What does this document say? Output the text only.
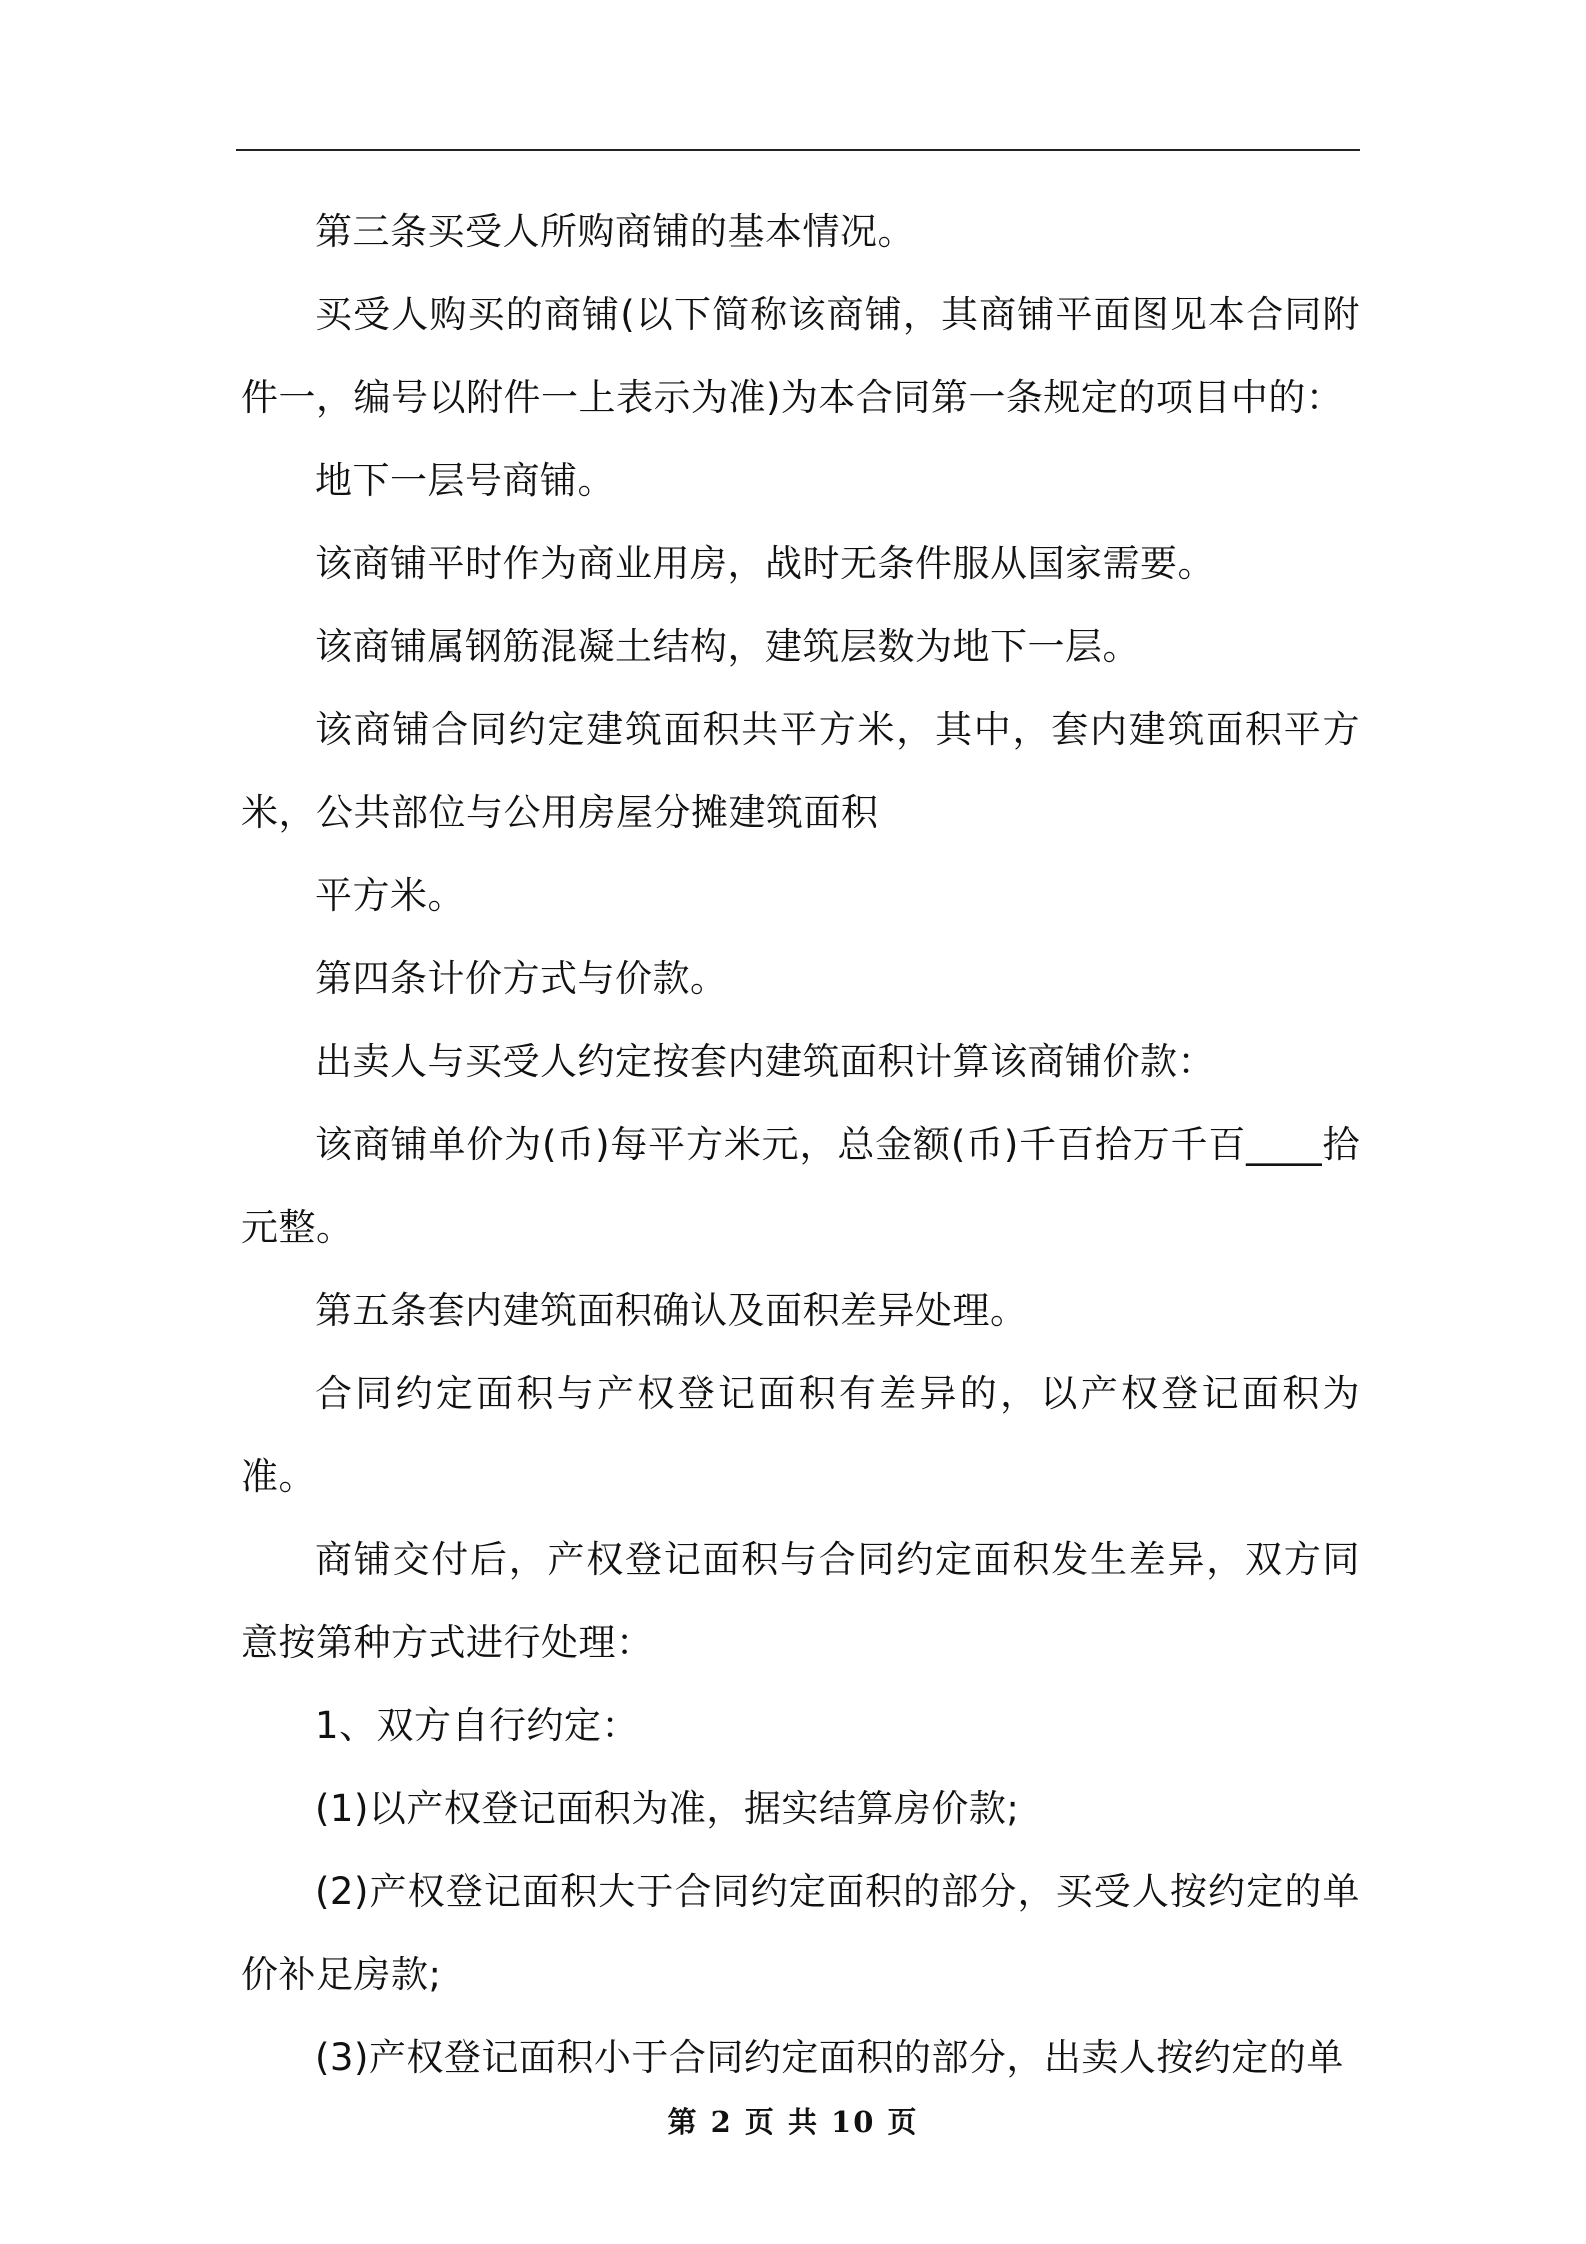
第三条买受人所购商铺的基本情况。

买受人购买的商铺(以下简称该商铺，其商铺平面图见本合同附件一，编号以附件一上表示为准)为本合同第一条规定的项目中的：

地下一层号商铺。

该商铺平时作为商业用房，战时无条件服从国家需要。

该商铺属钢筋混凝土结构，建筑层数为地下一层。

该商铺合同约定建筑面积共平方米，其中，套内建筑面积平方米，公共部位与公用房屋分摊建筑面积

平方米。

第四条计价方式与价款。

出卖人与买受人约定按套内建筑面积计算该商铺价款：

该商铺单价为(币)每平方米元，总金额(币)千百拾万千百____拾元整。

第五条套内建筑面积确认及面积差异处理。

合同约定面积与产权登记面积有差异的，以产权登记面积为准。

商铺交付后，产权登记面积与合同约定面积发生差异，双方同意按第种方式进行处理：

1、双方自行约定：

(1)以产权登记面积为准，据实结算房价款;

(2)产权登记面积大于合同约定面积的部分，买受人按约定的单价补足房款;

(3)产权登记面积小于合同约定面积的部分，出卖人按约定的单

第 2 页 共 10 页
